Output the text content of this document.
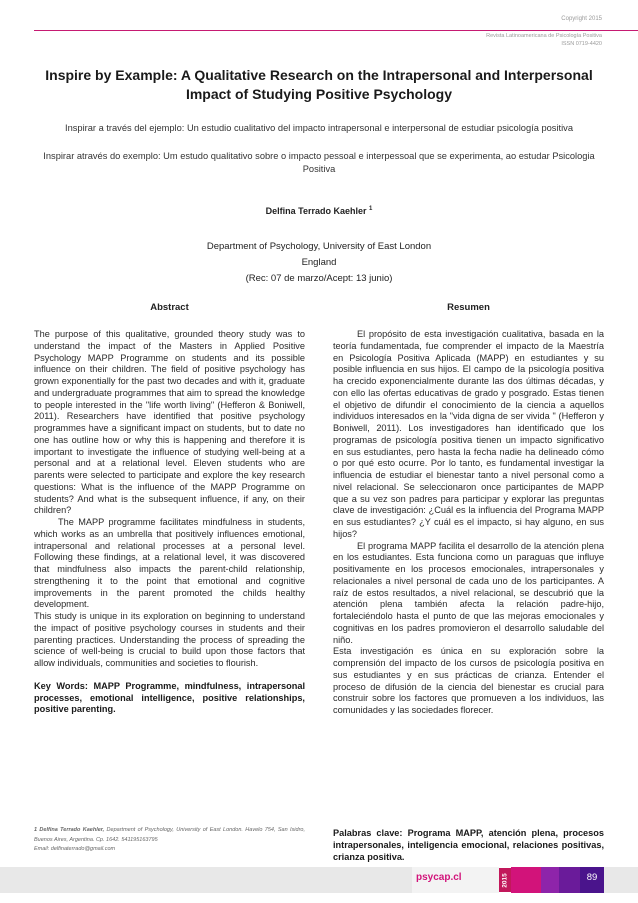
Copyright 2015
Revista Latinoamericana de Psicología Positiva
ISSN 0719-4420
Inspire by Example: A Qualitative Research on the Intrapersonal and Interpersonal Impact of Studying Positive Psychology
Inspirar a través del ejemplo: Un estudio cualitativo del impacto intrapersonal e interpersonal de estudiar psicología positiva
Inspirar através do exemplo: Um estudo qualitativo sobre o impacto pessoal e interpessoal que se experimenta, ao estudar Psicologia Positiva
Delfina Terrado Kaehler $^1$
Department of Psychology, University of East London
England
(Rec: 07 de marzo/Acept: 13 junio)
Abstract

The purpose of this qualitative, grounded theory study was to understand the impact of the Masters in Applied Positive Psychology MAPP Programme on students and its possible influence on their children. The field of positive psychology has grown exponentially for the past two decades and with it, graduate and undergraduate programmes that aim to spread the knowledge to people interested in the "life worth living" (Hefferon & Boniwell, 2011). Researchers have identified that positive psychology programmes have a significant impact on students, but to date no one has outline how or why this is happening and therefore it is important to investigate the influence of studying well-being at a personal and at a relational level. Eleven students who are parents were selected to participate and explore the key research questions: What is the influence of the MAPP Programme on students? And what is the subsequent influence, if any, on their children?

The MAPP programme facilitates mindfulness in students, which works as an umbrella that positively influences emotional, intrapersonal and relational processes at a personal level. Following these findings, at a relational level, it was discovered that mindfulness also impacts the parent-child relationship, strengthening it to the point that emotional and cognitive improvements in the parent promoted the childs healthy development.

This study is unique in its exploration on beginning to understand the impact of positive psychology courses in students and their parenting practices. Understanding the process of spreading the science of well-being is crucial to build upon those factors that allow individuals, communities and societies to flourish.

Key Words: MAPP Programme, mindfulness, intrapersonal processes, emotional intelligence, positive relationships, positive parenting.

Resumen

El propósito de esta investigación cualitativa, basada en la teoría fundamentada, fue comprender el impacto de la Maestría en Psicología Positiva Aplicada (MAPP) en estudiantes y su posible influencia en sus hijos. El campo de la psicología positiva ha crecido exponencialmente durante las dos últimas décadas, y con ello las ofertas educativas de grado y posgrado. Estas tienen el objetivo de difundir el conocimiento de la ciencia a aquellos individuos interesados en la "vida digna de ser vivida " (Hefferon y Boniwell, 2011). Los investigadores han identificado que los programas de psicología positiva tienen un impacto significativo en sus estudiantes, pero hasta la fecha nadie ha delineado cómo o por qué esto ocurre. Por lo tanto, es fundamental investigar la influencia de estudiar el bienestar tanto a nivel personal como a nivel relacional. Se seleccionaron once participantes de MAPP que a su vez son padres para participar y explorar las preguntas clave de investigación: ¿Cuál es la influencia del Programa MAPP en sus estudiantes? ¿Y cuál es el impacto, si hay alguno, en sus hijos?

El programa MAPP facilita el desarrollo de la atención plena en los estudiantes. Esta funciona como un paraguas que influye positivamente en los procesos emocionales, intrapersonales y relacionales a nivel personal de cada uno de los participantes. A raíz de estos resultados, a nivel relacional, se descubrió que la atención plena también afecta la relación padre-hijo, fortaleciéndolo hasta el punto de que las mejoras emocionales y cognitivas en los padres promovieron el desarrollo saludable del niño.

Esta investigación es única en su exploración sobre la comprensión del impacto de los cursos de psicología positiva en sus estudiantes y en sus prácticas de crianza. Entender el proceso de difusión de la ciencia del bienestar es crucial para construir sobre los factores que promueven a los individuos, las comunidades y las sociedades florecer.

1 Delfina Terrado Kaehler, Department of Psychology, University of East London. Havelo 754, San Isidro, Buenos Aires, Argentina. Cp. 1642. 541195163795
Email: delfinaterrado@gmail.com
Palabras clave: Programa MAPP, atención plena, procesos intrapersonales, inteligencia emocional, relaciones positivas, crianza positiva.
psycap.cl	2015	89
